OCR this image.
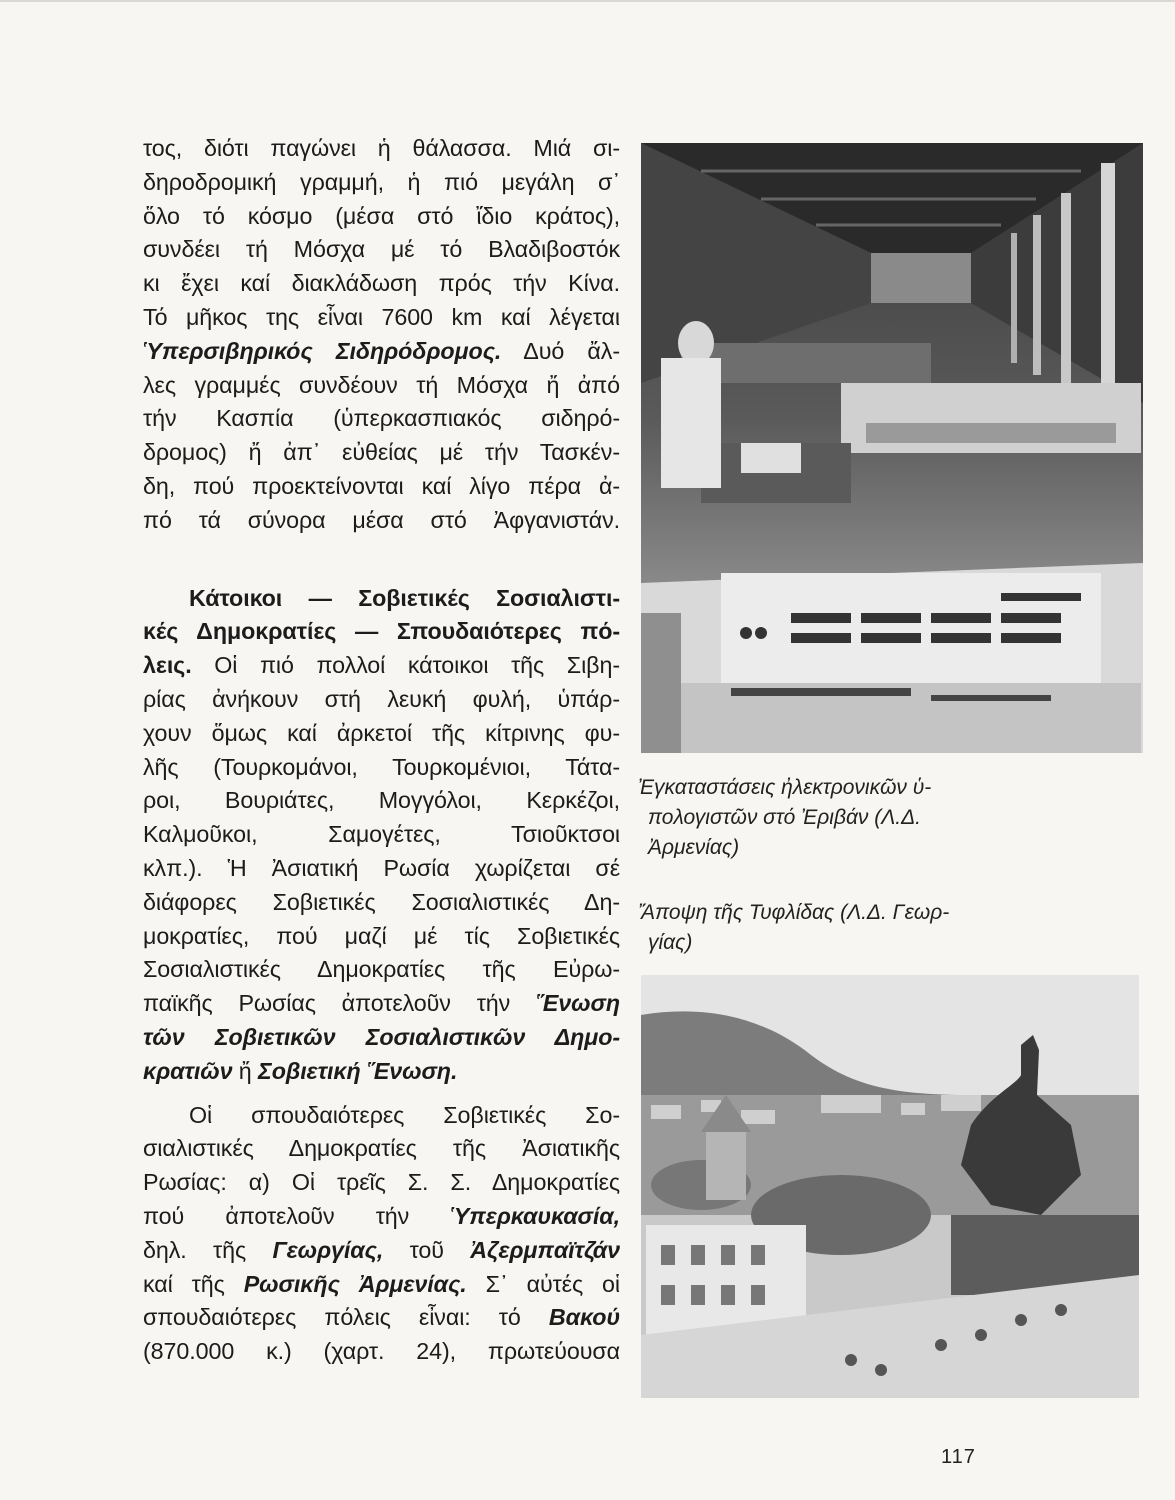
τος, διότι παγώνει ἡ θάλασσα. Μιά σι-

δηροδρομική γραμμή, ἡ πιό μεγάλη σ᾽

ὅλο τό κόσμο (μέσα στό ἴδιο κράτος),

συνδέει τή Μόσχα μέ τό Βλαδιβοστόκ

κι ἔχει καί διακλάδωση πρός τήν Κίνα.

Τό μῆκος της εἶναι 7600 km καί λέγεται

Ὑπερσιβηρικός Σιδηρόδρομος. Δυό ἄλ-

λες γραμμές συνδέουν τή Μόσχα ἤ ἀπό

τήν Κασπία (ὑπερκασπιακός σιδηρό-

δρομος) ἤ ἀπ᾽ εὐθείας μέ τήν Τασκέν-

δη, πού προεκτείνονται καί λίγο πέρα ἀ-

πό τά σύνορα μέσα στό Ἀφγανιστάν.

Κάτοικοι — Σοβιετικές Σοσιαλιστι-

κές Δημοκρατίες — Σπουδαιότερες πό-

λεις. Οἱ πιό πολλοί κάτοικοι τῆς Σιβη-

ρίας ἀνήκουν στή λευκή φυλή, ὑπάρ-

χουν ὅμως καί ἀρκετοί τῆς κίτρινης φυ-

λῆς (Τουρκομάνοι, Τουρκομένιοι, Τάτα-

ροι, Βουριάτες, Μογγόλοι, Κερκέζοι,

Καλμοῦκοι, Σαμογέτες, Τσιοῦκτσοι

κλπ.). Ἡ Ἀσιατική Ρωσία χωρίζεται σέ

διάφορες Σοβιετικές Σοσιαλιστικές Δη-

μοκρατίες, πού μαζί μέ τίς Σοβιετικές

Σοσιαλιστικές Δημοκρατίες τῆς Εὐρω-

παϊκῆς Ρωσίας ἀποτελοῦν τήν Ἕνωση

τῶν Σοβιετικῶν Σοσιαλιστικῶν Δημο-

κρατιῶν ἤ Σοβιετική Ἕνωση.

Οἱ σπουδαιότερες Σοβιετικές Σο-

σιαλιστικές Δημοκρατίες τῆς Ἀσιατικῆς

Ρωσίας: α) Οἱ τρεῖς Σ. Σ. Δημοκρατίες

πού ἀποτελοῦν τήν Ὑπερκαυκασία,

δηλ. τῆς Γεωργίας, τοῦ Ἀζερμπαϊτζάν

καί τῆς Ρωσικῆς Ἀρμενίας. Σ᾽ αὐτές οἱ

σπουδαιότερες πόλεις εἶναι: τό Βακού

(870.000 κ.) (χαρτ. 24), πρωτεύουσα

Ἐγκαταστάσεις ἠλεκτρονικῶν ὑ-
πολογιστῶν στό Ἐριβάν (Λ.Δ.
Ἀρμενίας)

Ἄποψη τῆς Τυφλίδας (Λ.Δ. Γεωρ-
γίας)

117
